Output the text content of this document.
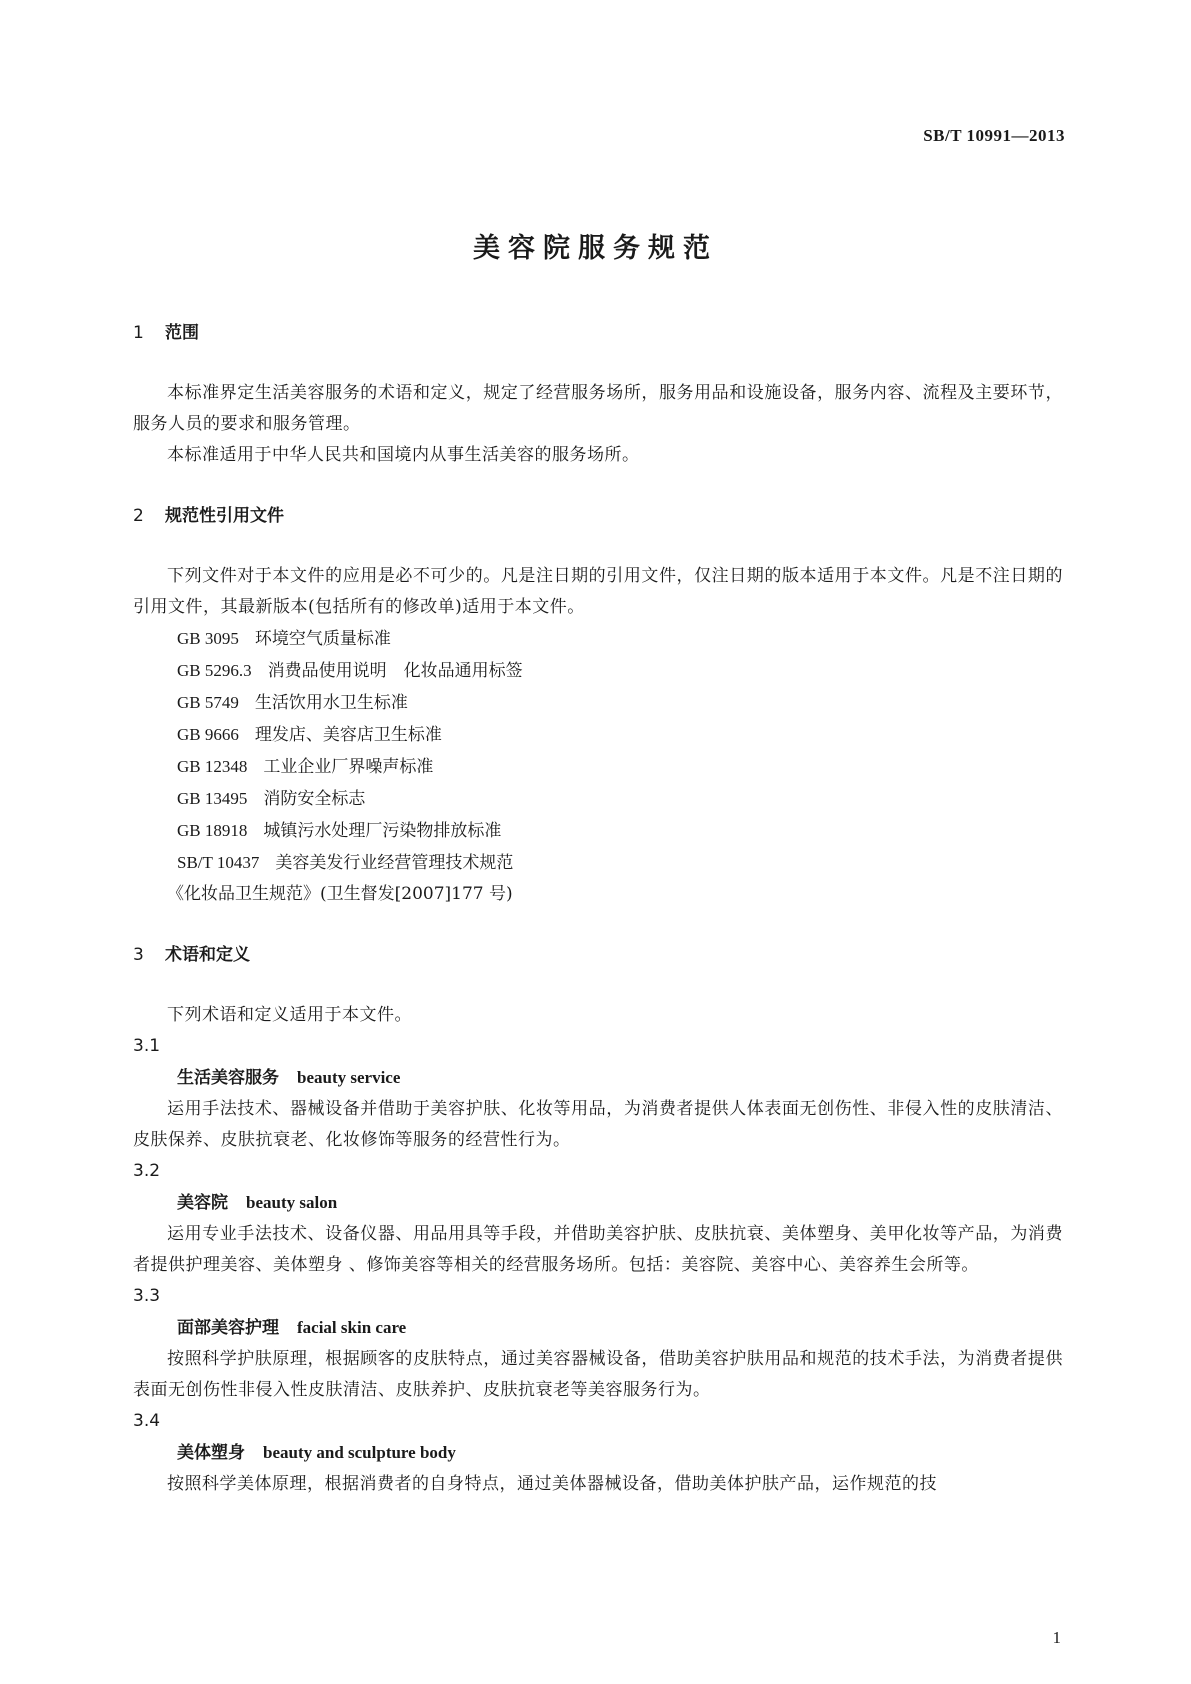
SB/T 10991—2013
美容院服务规范

1 范围

本标准界定生活美容服务的术语和定义，规定了经营服务场所，服务用品和设施设备，服务内容、流程及主要环节，服务人员的要求和服务管理。

本标准适用于中华人民共和国境内从事生活美容的服务场所。

2 规范性引用文件

下列文件对于本文件的应用是必不可少的。凡是注日期的引用文件，仅注日期的版本适用于本文件。凡是不注日期的引用文件，其最新版本(包括所有的修改单)适用于本文件。

GB 3095 环境空气质量标准

GB 5296.3 消费品使用说明　化妆品通用标签

GB 5749 生活饮用水卫生标准

GB 9666 理发店、美容店卫生标准

GB 12348 工业企业厂界噪声标准

GB 13495 消防安全标志

GB 18918 城镇污水处理厂污染物排放标准

SB/T 10437 美容美发行业经营管理技术规范

《化妆品卫生规范》(卫生督发[2007]177 号)

3 术语和定义

下列术语和定义适用于本文件。

3.1

生活美容服务 beauty service

运用手法技术、器械设备并借助于美容护肤、化妆等用品，为消费者提供人体表面无创伤性、非侵入性的皮肤清洁、皮肤保养、皮肤抗衰老、化妆修饰等服务的经营性行为。

3.2

美容院 beauty salon

运用专业手法技术、设备仪器、用品用具等手段，并借助美容护肤、皮肤抗衰、美体塑身、美甲化妆等产品，为消费者提供护理美容、美体塑身 、修饰美容等相关的经营服务场所。包括：美容院、美容中心、美容养生会所等。

3.3

面部美容护理 facial skin care

按照科学护肤原理，根据顾客的皮肤特点，通过美容器械设备，借助美容护肤用品和规范的技术手法，为消费者提供表面无创伤性非侵入性皮肤清洁、皮肤养护、皮肤抗衰老等美容服务行为。

3.4

美体塑身 beauty and sculpture body

按照科学美体原理，根据消费者的自身特点，通过美体器械设备，借助美体护肤产品，运作规范的技

1
